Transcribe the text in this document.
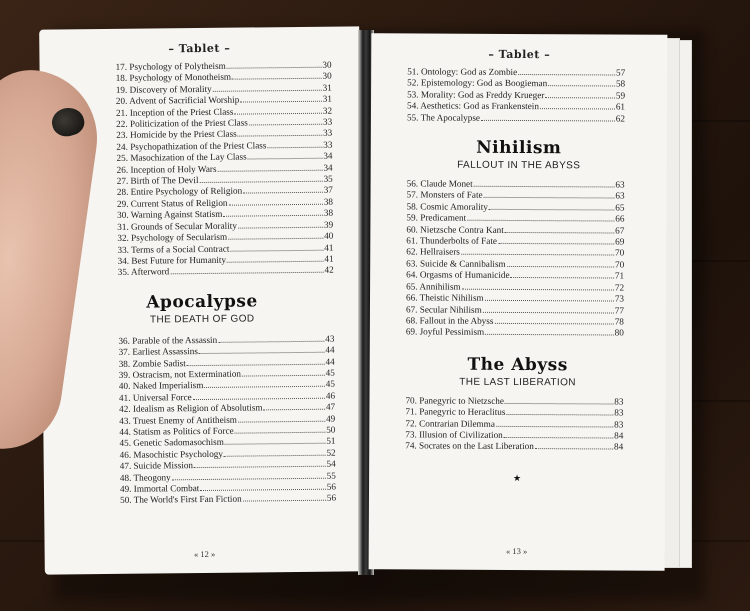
– Tablet –
17. Psychology of Polytheism	30
18. Psychology of Monotheism	30
19. Discovery of Morality	31
20. Advent of Sacrificial Worship	31
21. Inception of the Priest Class	32
22. Politicization of the Priest Class	33
23. Homicide by the Priest Class	33
24. Psychopathization of the Priest Class	33
25. Masochization of the Lay Class	34
26. Inception of Holy Wars	34
27. Birth of The Devil	35
28. Entire Psychology of Religion	37
29. Current Status of Religion	38
30. Warning Against Statism	38
31. Grounds of Secular Morality	39
32. Psychology of Secularism	40
33. Terms of a Social Contract	41
34. Best Future for Humanity	41
35. Afterword	42
Apocalypse
THE DEATH OF GOD
36. Parable of the Assassin	43
37. Earliest Assassins	44
38. Zombie Sadist	44
39. Ostracism, not Extermination	45
40. Naked Imperialism	45
41. Universal Force	46
42. Idealism as Religion of Absolutism	47
43. Truest Enemy of Antitheism	49
44. Statism as Politics of Force	50
45. Genetic Sadomasochism	51
46. Masochistic Psychology	52
47. Suicide Mission	54
48. Theogony	55
49. Immortal Combat	56
50. The World's First Fan Fiction	56
« 12 »
– Tablet –
51. Ontology: God as Zombie	57
52. Epistemology: God as Boogieman	58
53. Morality: God as Freddy Krueger	59
54. Aesthetics: God as Frankenstein	61
55. The Apocalypse	62
Nihilism
FALLOUT IN THE ABYSS
56. Claude Monet	63
57. Monsters of Fate	63
58. Cosmic Amorality	65
59. Predicament	66
60. Nietzsche Contra Kant	67
61. Thunderbolts of Fate	69
62. Hellraisers	70
63. Suicide & Cannibalism	70
64. Orgasms of Humanicide	71
65. Annihilism	72
66. Theistic Nihilism	73
67. Secular Nihilism	77
68. Fallout in the Abyss	78
69. Joyful Pessimism	80
The Abyss
THE LAST LIBERATION
70. Panegyric to Nietzsche	83
71. Panegyric to Heraclitus	83
72. Contrarian Dilemma	83
73. Illusion of Civilization	84
74. Socrates on the Last Liberation	84
★
« 13 »
